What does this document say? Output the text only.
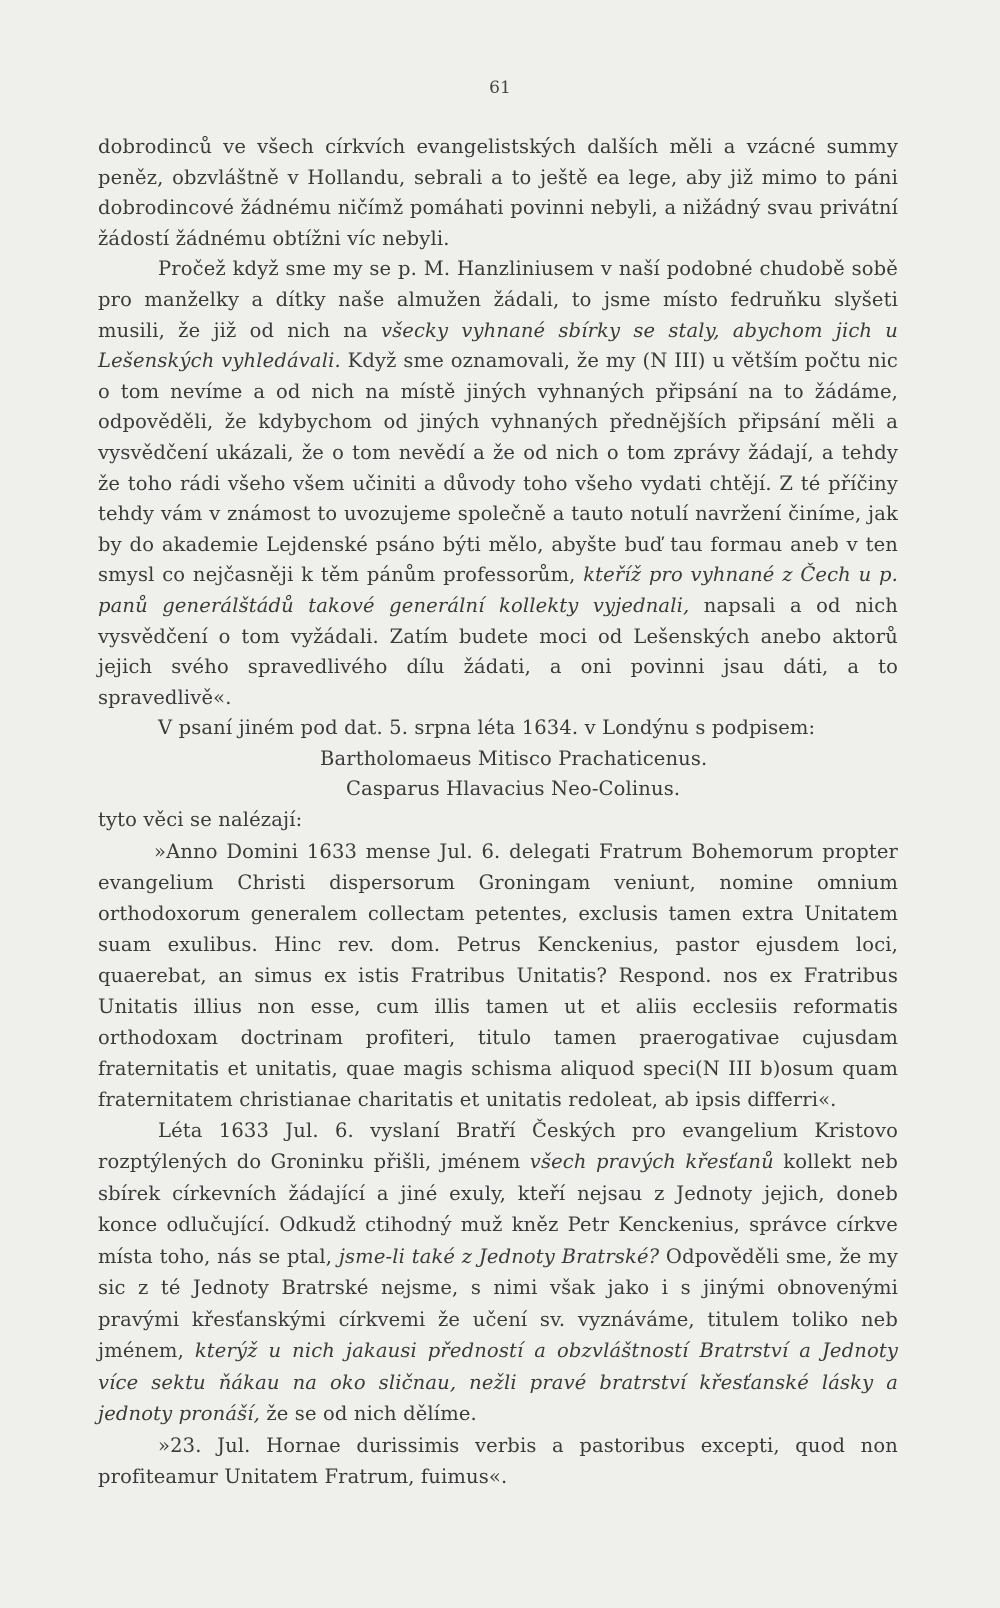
61

dobrodinců ve všech církvích evangelistských dalších měli a vzácné summy peněz, obzvláštně v Hollandu, sebrali a to ještě ea lege, aby již mimo to páni dobrodincové žádnému ničímž pomáhati povinni nebyli, a nižádný svau privátní žádostí žádnému obtížni víc nebyli.

Pročež když sme my se p. M. Hanzliniusem v naší podobné chudobě sobě pro manželky a dítky naše almužen žádali, to jsme místo fedruňku slyšeti musili, že již od nich na všecky vyhnané sbírky se staly, abychom jich u Lešenských vyhledávali. Když sme oznamovali, že my (N III) u větším počtu nic o tom nevíme a od nich na místě jiných vyhnaných připsání na to žádáme, odpověděli, že kdybychom od jiných vyhnaných přednějších připsání měli a vysvědčení ukázali, že o tom nevědí a že od nich o tom zprávy žádají, a tehdy že toho rádi všeho všem učiniti a důvody toho všeho vydati chtějí. Z té příčiny tehdy vám v známost to uvozujeme společně a tauto notulí navržení činíme, jak by do akademie Lejdenské psáno býti mělo, abyšte buď tau formau aneb v ten smysl co nejčasněji k těm pánům professorům, kteříž pro vyhnané z Čech u p. panů generálštádů takové generální kollekty vyjednali, napsali a od nich vysvědčení o tom vyžádali. Zatím budete moci od Lešenských anebo aktorů jejich svého spravedlivého dílu žádati, a oni povinni jsau dáti, a to spravedlivě«.

V psaní jiném pod dat. 5. srpna léta 1634. v Londýnu s podpisem:

Bartholomaeus Mitisco Prachaticenus.

Casparus Hlavacius Neo-Colinus.

tyto věci se nalézají:

»Anno Domini 1633 mense Jul. 6. delegati Fratrum Bohemorum propter evangelium Christi dispersorum Groningam veniunt, nomine omnium orthodoxorum generalem collectam petentes, exclusis tamen extra Unitatem suam exulibus. Hinc rev. dom. Petrus Kenckenius, pastor ejusdem loci, quaerebat, an simus ex istis Fratribus Unitatis? Respond. nos ex Fratribus Unitatis illius non esse, cum illis tamen ut et aliis ecclesiis reformatis orthodoxam doctrinam profiteri, titulo tamen praerogativae cujusdam fraternitatis et unitatis, quae magis schisma aliquod speci(N III b)osum quam fraternitatem christianae charitatis et unitatis redoleat, ab ipsis differri«.

Léta 1633 Jul. 6. vyslaní Bratří Českých pro evangelium Kristovo rozptýlených do Groninku přišli, jménem všech pravých křesťanů kollekt neb sbírek církevních žádající a jiné exuly, kteří nejsau z Jednoty jejich, doneb konce odlučující. Odkudž ctihodný muž kněz Petr Kenckenius, správce církve místa toho, nás se ptal, jsme-li také z Jednoty Bratrské? Odpověděli sme, že my sic z té Jednoty Bratrské nejsme, s nimi však jako i s jinými obnovenými pravými křesťanskými církvemi že učení sv. vyznáváme, titulem toliko neb jménem, kterýž u nich jakausi předností a obzvláštností Bratrství a Jednoty více sektu ňákau na oko sličnau, nežli pravé bratrství křesťanské lásky a jednoty pronáší, že se od nich dělíme.

»23. Jul. Hornae durissimis verbis a pastoribus excepti, quod non profiteamur Unitatem Fratrum, fuimus«.
